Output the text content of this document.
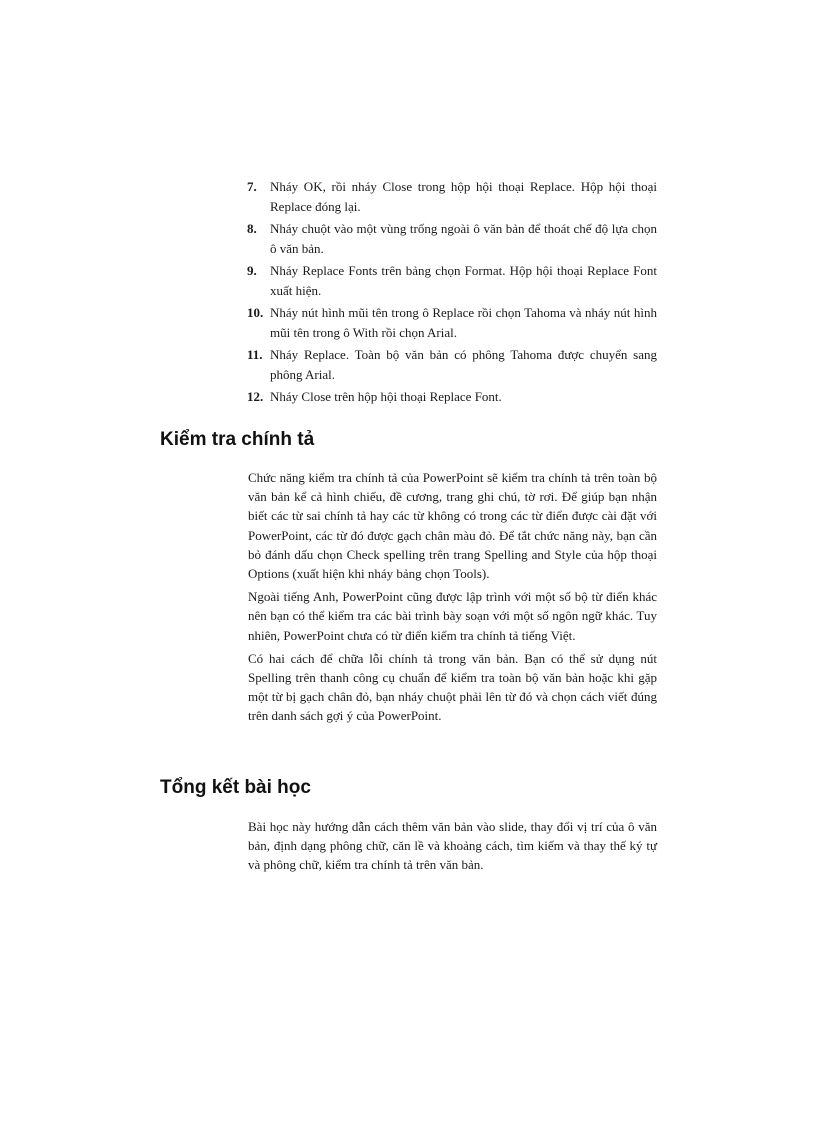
7. Nháy OK, rồi nháy Close trong hộp hội thoại Replace. Hộp hội thoại Replace đóng lại.
8. Nháy chuột vào một vùng trống ngoài ô văn bản để thoát chế độ lựa chọn ô văn bản.
9. Nháy Replace Fonts trên bảng chọn Format. Hộp hội thoại Replace Font xuất hiện.
10. Nháy nút hình mũi tên trong ô Replace rồi chọn Tahoma và nháy nút hình mũi tên trong ô With rồi chọn Arial.
11. Nháy Replace. Toàn bộ văn bản có phông Tahoma được chuyển sang phông Arial.
12. Nháy Close trên hộp hội thoại Replace Font.
Kiểm tra chính tả

Chức năng kiểm tra chính tả của PowerPoint sẽ kiểm tra chính tả trên toàn bộ văn bản kể cả hình chiếu, đề cương, trang ghi chú, tờ rơi. Để giúp bạn nhận biết các từ sai chính tả hay các từ không có trong các từ điển được cài đặt với PowerPoint, các từ đó được gạch chân màu đỏ. Để tắt chức năng này, bạn cần bỏ đánh dấu chọn Check spelling trên trang Spelling and Style của hộp thoại Options (xuất hiện khi nháy bảng chọn Tools).

Ngoài tiếng Anh, PowerPoint cũng được lập trình với một số bộ từ điển khác nên bạn có thể kiểm tra các bài trình bày soạn với một số ngôn ngữ khác. Tuy nhiên, PowerPoint chưa có từ điển kiểm tra chính tả tiếng Việt.

Có hai cách để chữa lỗi chính tả trong văn bản. Bạn có thể sử dụng nút Spelling trên thanh công cụ chuẩn để kiểm tra toàn bộ văn bản hoặc khi gặp một từ bị gạch chân đỏ, bạn nháy chuột phải lên từ đó và chọn cách viết đúng trên danh sách gợi ý của PowerPoint.

Tổng kết bài học

Bài học này hướng dẫn cách thêm văn bản vào slide, thay đổi vị trí của ô văn bản, định dạng phông chữ, căn lề và khoảng cách, tìm kiếm và thay thế ký tự và phông chữ, kiểm tra chính tả trên văn bản.
